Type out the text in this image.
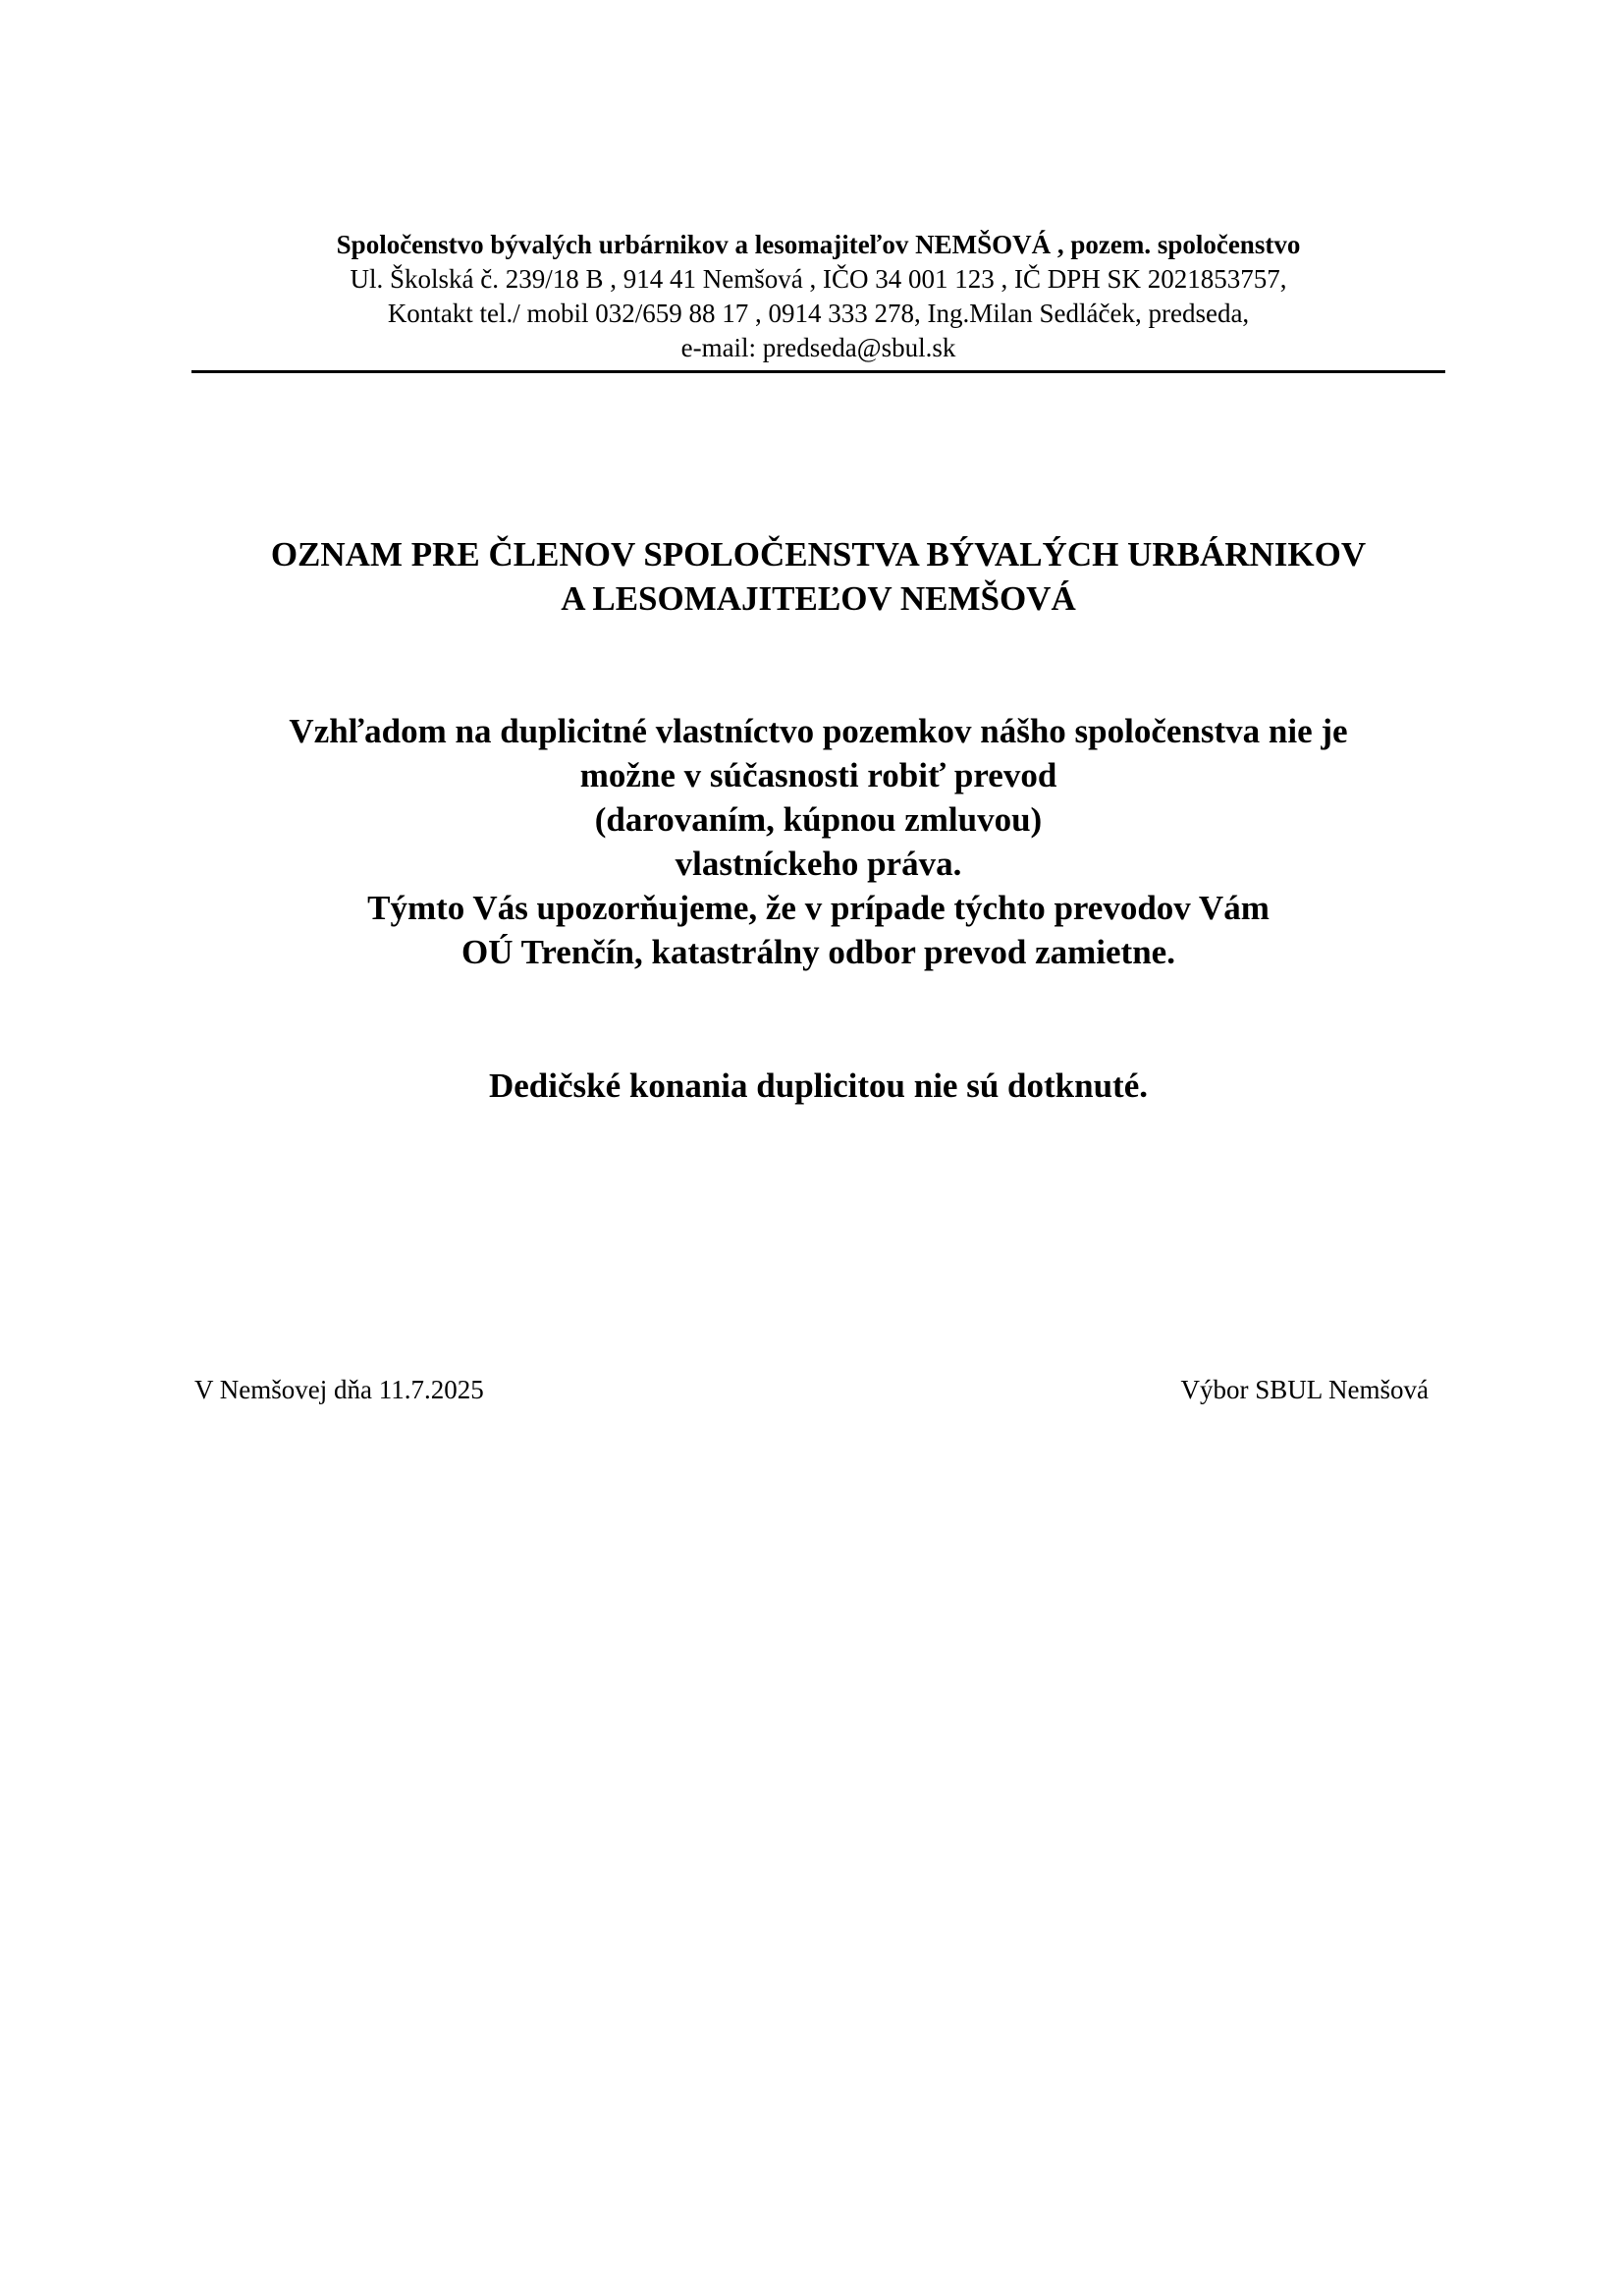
Spoločenstvo bývalých urbárnikov a lesomajiteľov NEMŠOVÁ , pozem. spoločenstvo
Ul. Školská č. 239/18 B , 914 41 Nemšová , IČO 34 001 123 , IČ DPH SK 2021853757,
Kontakt tel./ mobil 032/659 88 17 , 0914 333 278, Ing.Milan Sedláček, predseda,
e-mail: predseda@sbul.sk
OZNAM PRE ČLENOV SPOLOČENSTVA BÝVALÝCH URBÁRNIKOV
A LESOMAJITEĽOV NEMŠOVÁ
Vzhľadom na duplicitné vlastníctvo pozemkov nášho spoločenstva nie je
možne v súčasnosti robiť prevod
(darovaním, kúpnou zmluvou)
vlastníckeho práva.
Týmto Vás upozorňujeme, že v prípade týchto prevodov Vám
OÚ Trenčín, katastrálny odbor prevod zamietne.
Dedičské konania duplicitou nie sú dotknuté.
V Nemšovej dňa 11.7.2025	Výbor SBUL Nemšová
